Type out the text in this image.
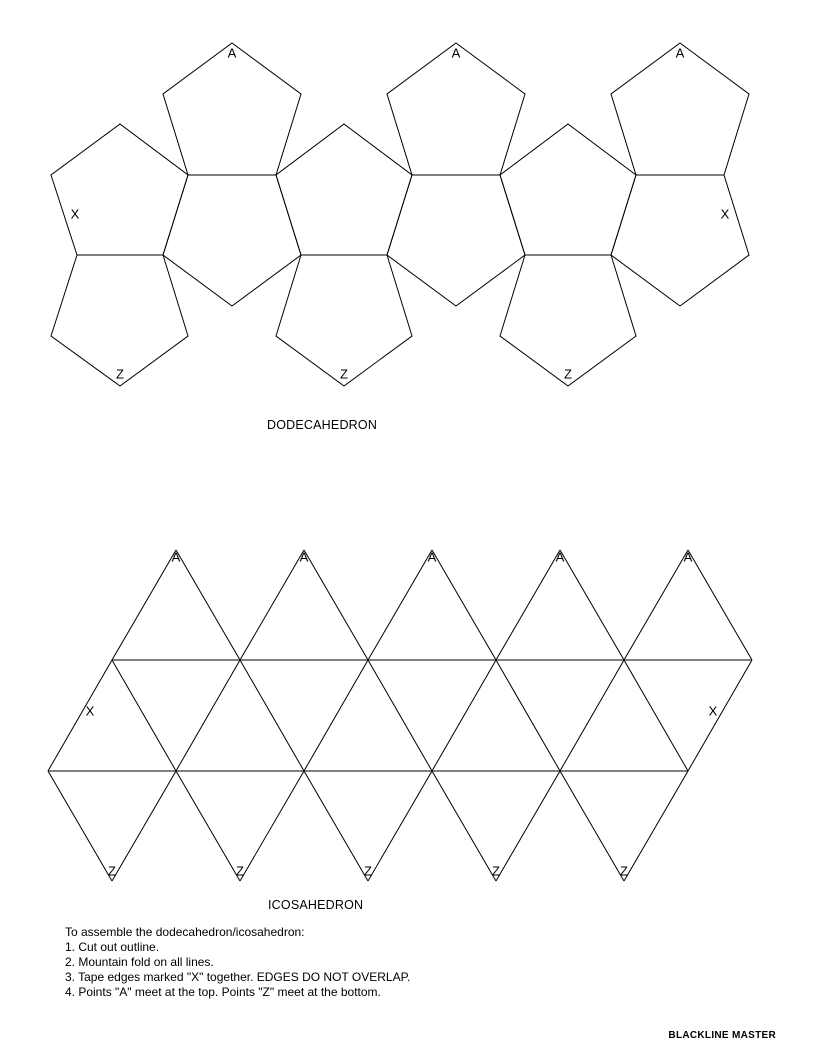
A	A	A
X	X
Z	Z	Z
A	A	A	A	A
X	X
Z	Z	Z	Z	Z
DODECAHEDRON
ICOSAHEDRON
To assemble the dodecahedron/icosahedron:
1. Cut out outline.
2. Mountain fold on all lines.
3. Tape edges marked "X" together. EDGES DO NOT OVERLAP.
4. Points "A" meet at the top. Points "Z" meet at the bottom.
BLACKLINE MASTER
